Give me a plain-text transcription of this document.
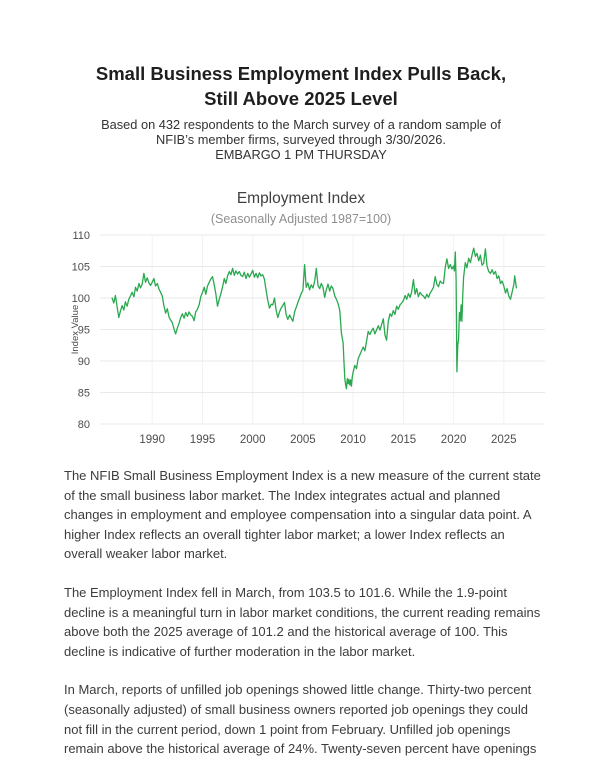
Small Business Employment Index Pulls Back,
Still Above 2025 Level
Based on 432 respondents to the March survey of a random sample of
NFIB’s member firms, surveyed through 3/30/2026.
EMBARGO 1 PM THURSDAY
Employment Index
(Seasonally Adjusted 1987=100)
80
85
90
95
100
105
110
1990 1995 2000 2005 2010 2015 2020 2025
Index Value

The NFIB Small Business Employment Index is a new measure of the current state of the small business labor market. The Index integrates actual and planned changes in employment and employee compensation into a singular data point. A higher Index reflects an overall tighter labor market; a lower Index reflects an overall weaker labor market.

The Employment Index fell in March, from 103.5 to 101.6. While the 1.9-point decline is a meaningful turn in labor market conditions, the current reading remains above both the 2025 average of 101.2 and the historical average of 100. This decline is indicative of further moderation in the labor market.

In March, reports of unfilled job openings showed little change. Thirty-two percent (seasonally adjusted) of small business owners reported job openings they could not fill in the current period, down 1 point from February. Unfilled job openings remain above the historical average of 24%. Twenty-seven percent have openings
